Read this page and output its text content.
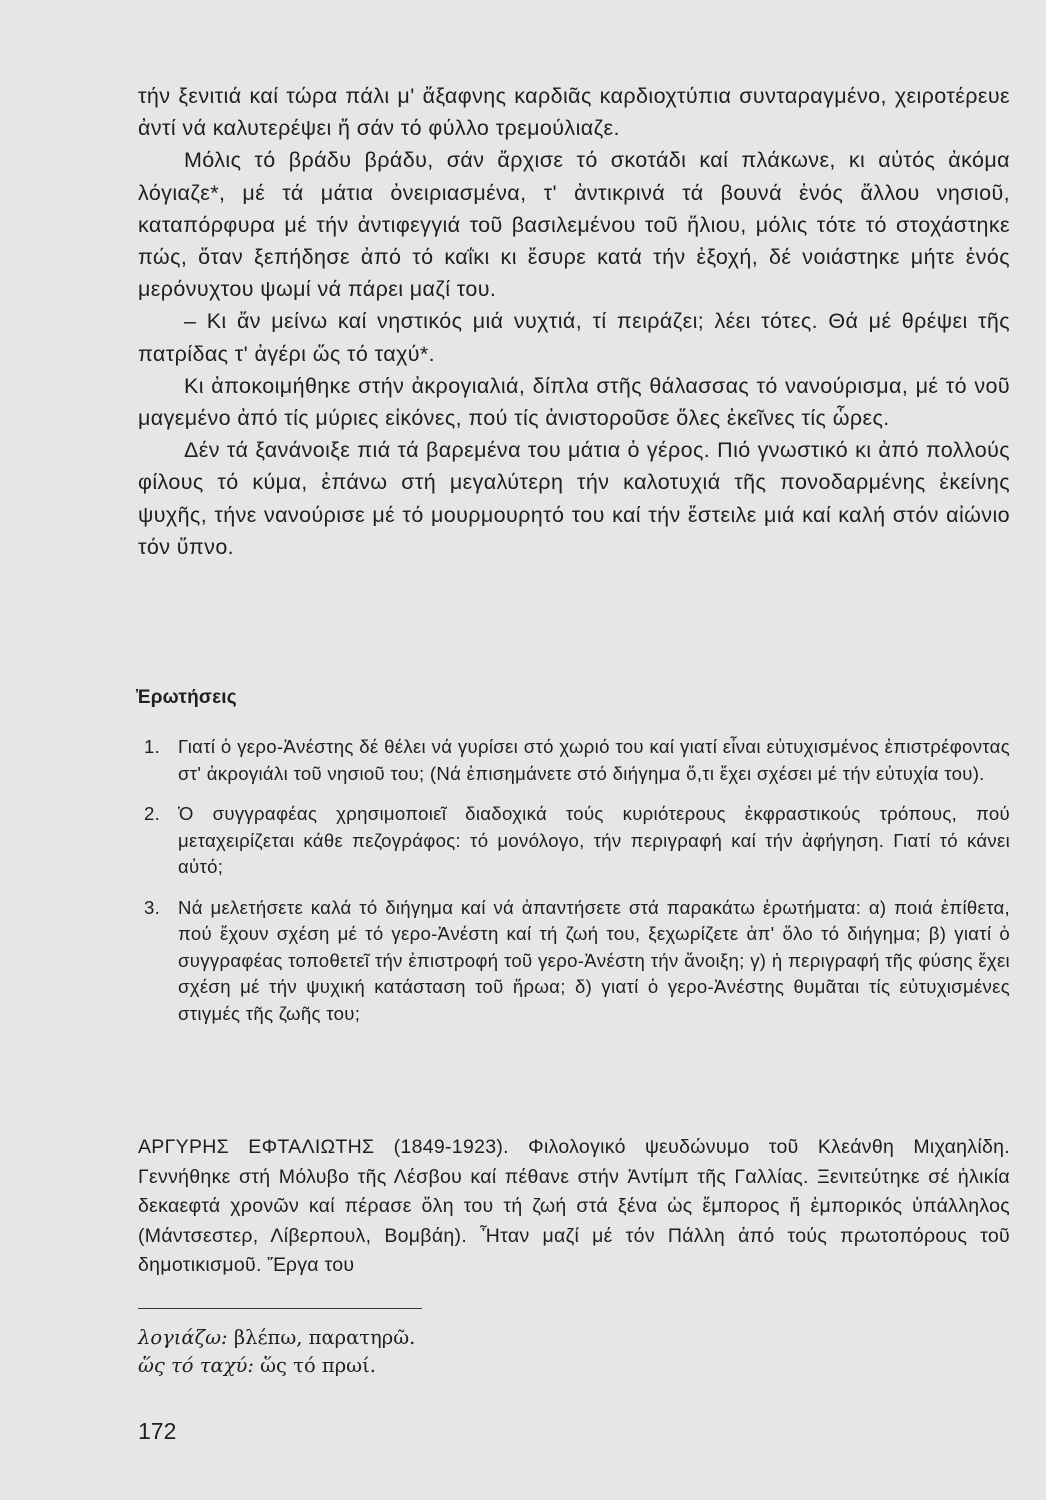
τήν ξενιτιά καί τώρα πάλι μ' ἄξαφνης καρδιᾶς καρδιοχτύπια συνταραγμένο, χειροτέρευε ἀντί νά καλυτερέψει ἤ σάν τό φύλλο τρεμούλιαζε.

Μόλις τό βράδυ βράδυ, σάν ἄρχισε τό σκοτάδι καί πλάκωνε, κι αὐτός ἀκόμα λόγιαζε*, μέ τά μάτια ὀνειριασμένα, τ' ἀντικρινά τά βουνά ἑνός ἄλλου νησιοῦ, καταπόρφυρα μέ τήν ἀντιφεγγιά τοῦ βασιλεμένου τοῦ ἥλιου, μόλις τότε τό στοχάστηκε πώς, ὅταν ξεπήδησε ἀπό τό καΐκι κι ἔσυρε κατά τήν ἐξοχή, δέ νοιάστηκε μήτε ἑνός μερόνυχτου ψωμί νά πάρει μαζί του.

– Κι ἄν μείνω καί νηστικός μιά νυχτιά, τί πειράζει; λέει τότες. Θά μέ θρέψει τῆς πατρίδας τ' ἀγέρι ὥς τό ταχύ*.

Κι ἀποκοιμήθηκε στήν ἀκρογιαλιά, δίπλα στῆς θάλασσας τό νανούρισμα, μέ τό νοῦ μαγεμένο ἀπό τίς μύριες εἰκόνες, πού τίς ἀνιστοροῦσε ὅλες ἐκεῖνες τίς ὧρες.

Δέν τά ξανάνοιξε πιά τά βαρεμένα του μάτια ὁ γέρος. Πιό γνωστικό κι ἀπό πολλούς φίλους τό κύμα, ἐπάνω στή μεγαλύτερη τήν καλοτυχιά τῆς πονοδαρμένης ἐκείνης ψυχῆς, τήνε νανούρισε μέ τό μουρμουρητό του καί τήν ἔστειλε μιά καί καλή στόν αἰώνιο τόν ὕπνο.

Ἐρωτήσεις
1. Γιατί ὁ γερο-Ἀνέστης δέ θέλει νά γυρίσει στό χωριό του καί γιατί εἶναι εὐτυχισμένος ἐπιστρέφοντας στ' ἀκρογιάλι τοῦ νησιοῦ του; (Νά ἐπισημάνετε στό διήγημα ὅ,τι ἔχει σχέσει μέ τήν εὐτυχία του).
2. Ὁ συγγραφέας χρησιμοποιεῖ διαδοχικά τούς κυριότερους ἐκφραστικούς τρόπους, πού μεταχειρίζεται κάθε πεζογράφος: τό μονόλογο, τήν περιγραφή καί τήν ἀφήγηση. Γιατί τό κάνει αὐτό;
3. Νά μελετήσετε καλά τό διήγημα καί νά ἀπαντήσετε στά παρακάτω ἐρωτήματα: α) ποιά ἐπίθετα, πού ἔχουν σχέση μέ τό γερο-Ἀνέστη καί τή ζωή του, ξεχωρίζετε ἀπ' ὅλο τό διήγημα; β) γιατί ὁ συγγραφέας τοποθετεῖ τήν ἐπιστροφή τοῦ γερο-Ἀνέστη τήν ἄνοιξη; γ) ἡ περιγραφή τῆς φύσης ἔχει σχέση μέ τήν ψυχική κατάσταση τοῦ ἥρωα; δ) γιατί ὁ γερο-Ἀνέστης θυμᾶται τίς εὐτυχισμένες στιγμές τῆς ζωῆς του;

ΑΡΓΥΡΗΣ ΕΦΤΑΛΙΩΤΗΣ (1849-1923). Φιλολογικό ψευδώνυμο τοῦ Κλεάνθη Μιχαηλίδη. Γεννήθηκε στή Μόλυβο τῆς Λέσβου καί πέθανε στήν Ἀντίμπ τῆς Γαλλίας. Ξενιτεύτηκε σέ ἡλικία δεκαεφτά χρονῶν καί πέρασε ὅλη του τή ζωή στά ξένα ὡς ἔμπορος ἤ ἐμπορικός ὑπάλληλος (Μάντσεστερ, Λίβερπουλ, Βομβάη). Ἦταν μαζί μέ τόν Πάλλη ἀπό τούς πρωτοπόρους τοῦ δημοτικισμοῦ. Ἔργα του

λογιάζω: βλέπω, παρατηρῶ.
ὥς τό ταχύ: ὥς τό πρωί.
172
